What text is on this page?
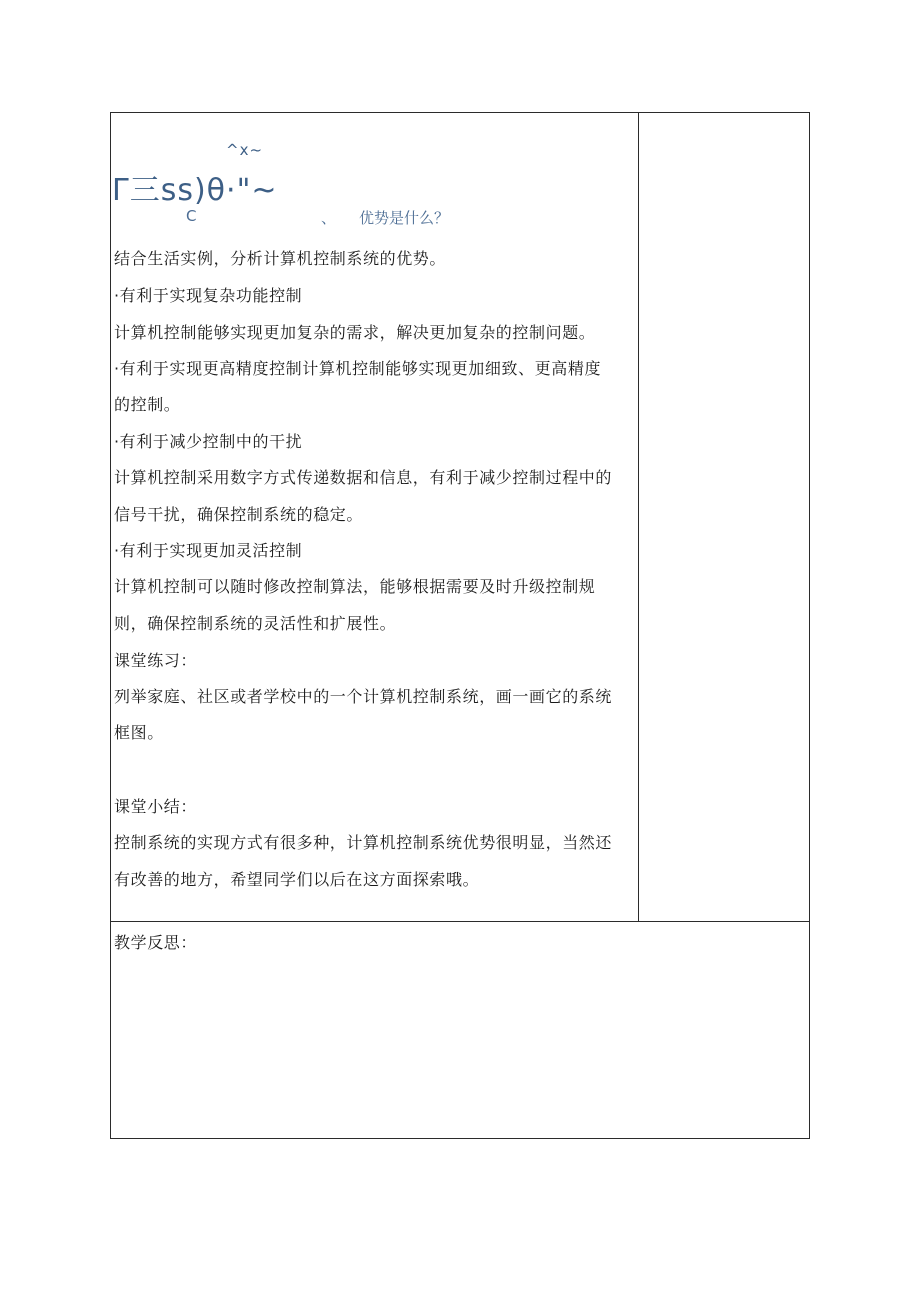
^x~

Γ三ss)θ·"~

C	、 优势是什么？

结合生活实例，分析计算机控制系统的优势。

·有利于实现复杂功能控制

计算机控制能够实现更加复杂的需求，解决更加复杂的控制问题。

·有利于实现更高精度控制计算机控制能够实现更加细致、更高精度

的控制。

·有利于减少控制中的干扰

计算机控制采用数字方式传递数据和信息，有利于减少控制过程中的

信号干扰，确保控制系统的稳定。

·有利于实现更加灵活控制

计算机控制可以随时修改控制算法，能够根据需要及时升级控制规

则，确保控制系统的灵活性和扩展性。

课堂练习：

列举家庭、社区或者学校中的一个计算机控制系统，画一画它的系统

框图。

课堂小结：

控制系统的实现方式有很多种，计算机控制系统优势很明显，当然还

有改善的地方，希望同学们以后在这方面探索哦。

教学反思：
